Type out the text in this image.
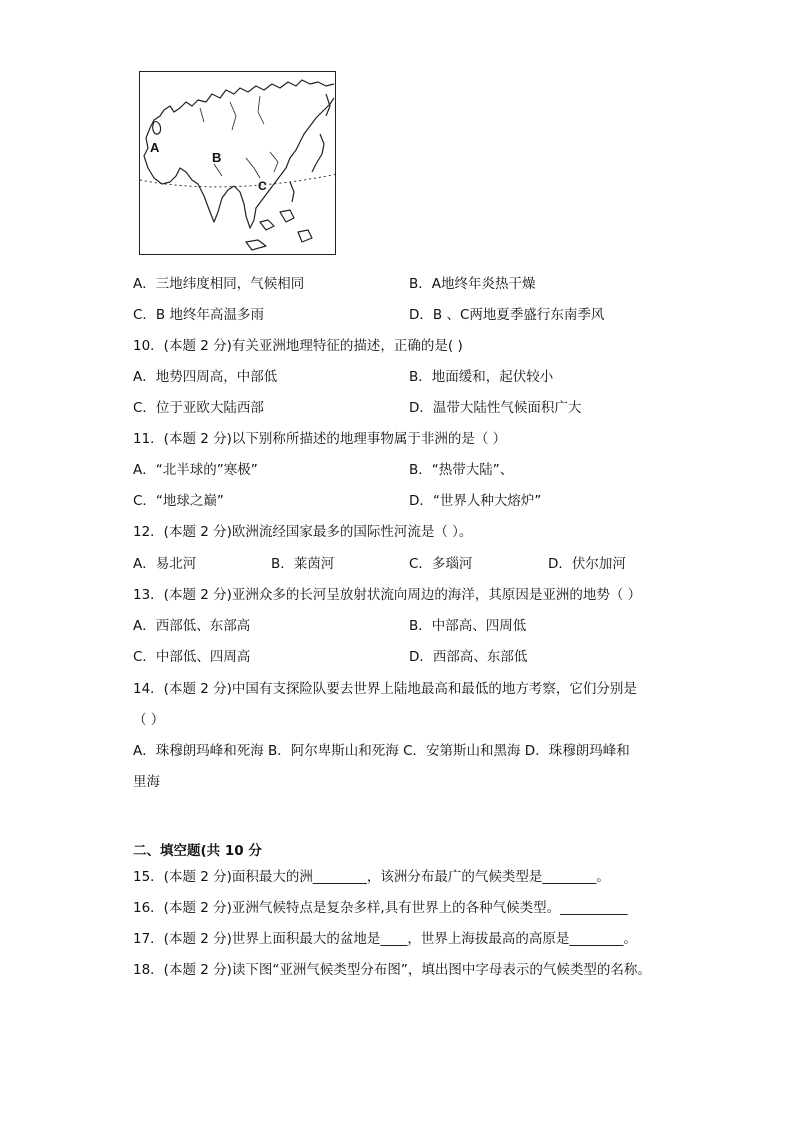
A
B
C
A．三地纬度相同，气候相同	B．A地终年炎热干燥
C．B 地终年高温多雨	D．B 、C两地夏季盛行东南季风
10．(本题 2 分)有关亚洲地理特征的描述，正确的是( )
A．地势四周高，中部低	B．地面缓和，起伏较小
C．位于亚欧大陆西部	D．温带大陆性气候面积广大
11．(本题 2 分)以下别称所描述的地理事物属于非洲的是（ ）
A．“北半球的”寒极”	B．“热带大陆”、
C．“地球之巅”	D．“世界人种大熔炉”
12．(本题 2 分)欧洲流经国家最多的国际性河流是（ ）。
A．易北河	B．莱茵河	C．多瑙河	D．伏尔加河
13．(本题 2 分)亚洲众多的长河呈放射状流向周边的海洋，其原因是亚洲的地势（ ）
A．西部低、东部高	B．中部高、四周低
C．中部低、四周高	D．西部高、东部低
14．(本题 2 分)中国有支探险队要去世界上陆地最高和最低的地方考察，它们分别是
（ ）
A．珠穆朗玛峰和死海 B．阿尔卑斯山和死海 C．安第斯山和黑海 D．珠穆朗玛峰和
里海
二、填空题(共 10 分
15．(本题 2 分)面积最大的洲________，该洲分布最广的气候类型是________。
16．(本题 2 分)亚洲气候特点是复杂多样,具有世界上的各种气候类型。__________
17．(本题 2 分)世界上面积最大的盆地是____，世界上海拔最高的高原是________。
18．(本题 2 分)读下图“亚洲气候类型分布图”，填出图中字母表示的气候类型的名称。
